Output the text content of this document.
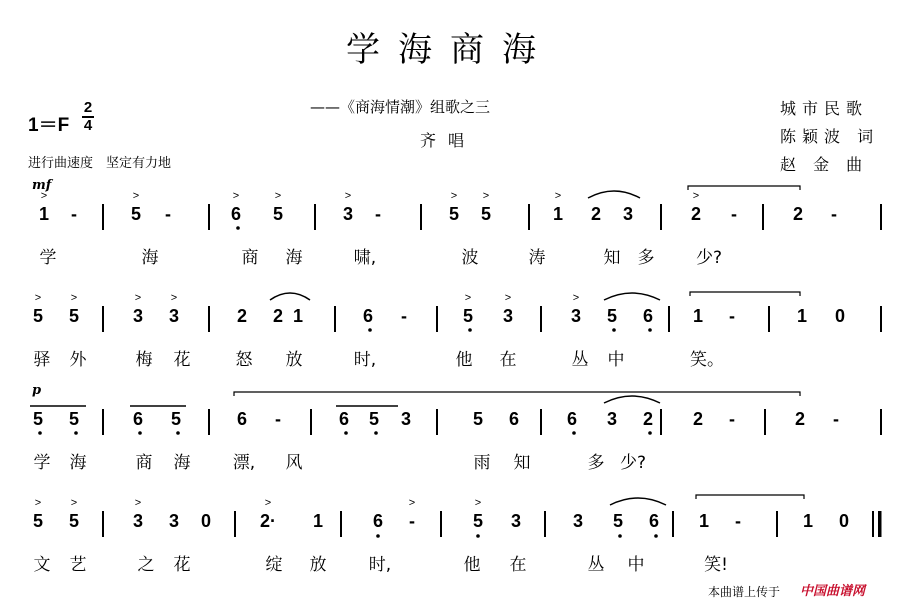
学海商海
——《商海情潮》组歌之三
齐唱
城市民歌
陈颖波 词
赵 金 曲
1＝F
2
4
进行曲速度　坚定有力地
mf
1	-	5	-	6 5	3	-	5 5	1 2 3	2	-	2	-
>	>	>	>	>	>	>	>	>
学	海	商 海	啸,	波	涛	知 多 少?
5 5	3 3	2 2 1	6	-	5 3	3 5 6 1	-	1 0
>	>	>	>	>	>	>
驿 外	梅 花	怒 放	时,	他 在	丛 中	笑。
p
5 5	6 5	6	-	6 5 3	5 6	6 3 2 2	-	2	-
学 海	商 海 漂, 风	雨 知	多 少?
5 5	3 3 0	2· 1	6	-	5 3	3 5 6 1	-	1 0
>	>	>	>	>	>
文 艺	之 花	绽 放 时,	他 在	丛 中	笑!
本曲谱上传于 中国曲谱网
